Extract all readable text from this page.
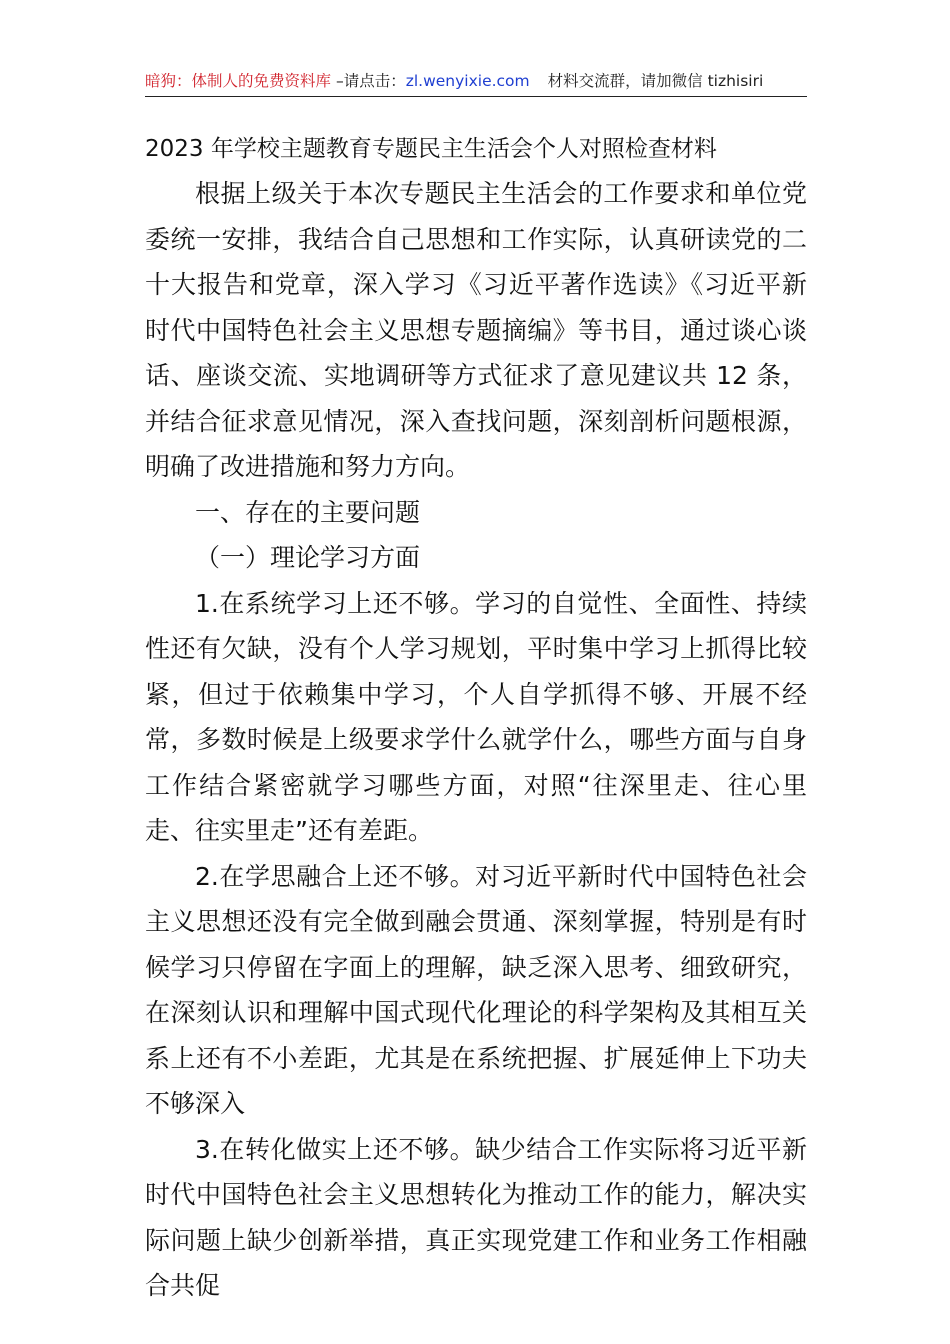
暗狗：体制人的免费资料库 –请点击：zl.wenyixie.com 材料交流群，请加微信 tizhisiri
2023 年学校主题教育专题民主生活会个人对照检查材料

根据上级关于本次专题民主生活会的工作要求和单位党委统一安排，我结合自己思想和工作实际，认真研读党的二十大报告和党章，深入学习《习近平著作选读》《习近平新时代中国特色社会主义思想专题摘编》等书目，通过谈心谈话、座谈交流、实地调研等方式征求了意见建议共 12 条，并结合征求意见情况，深入查找问题，深刻剖析问题根源，明确了改进措施和努力方向。

一、存在的主要问题

（一）理论学习方面

1.在系统学习上还不够。学习的自觉性、全面性、持续性还有欠缺，没有个人学习规划，平时集中学习上抓得比较紧，但过于依赖集中学习，个人自学抓得不够、开展不经常，多数时候是上级要求学什么就学什么，哪些方面与自身工作结合紧密就学习哪些方面，对照“往深里走、往心里走、往实里走”还有差距。

2.在学思融合上还不够。对习近平新时代中国特色社会主义思想还没有完全做到融会贯通、深刻掌握，特别是有时候学习只停留在字面上的理解，缺乏深入思考、细致研究，在深刻认识和理解中国式现代化理论的科学架构及其相互关系上还有不小差距，尤其是在系统把握、扩展延伸上下功夫不够深入

3.在转化做实上还不够。缺少结合工作实际将习近平新时代中国特色社会主义思想转化为推动工作的能力，解决实际问题上缺少创新举措，真正实现党建工作和业务工作相融合共促
